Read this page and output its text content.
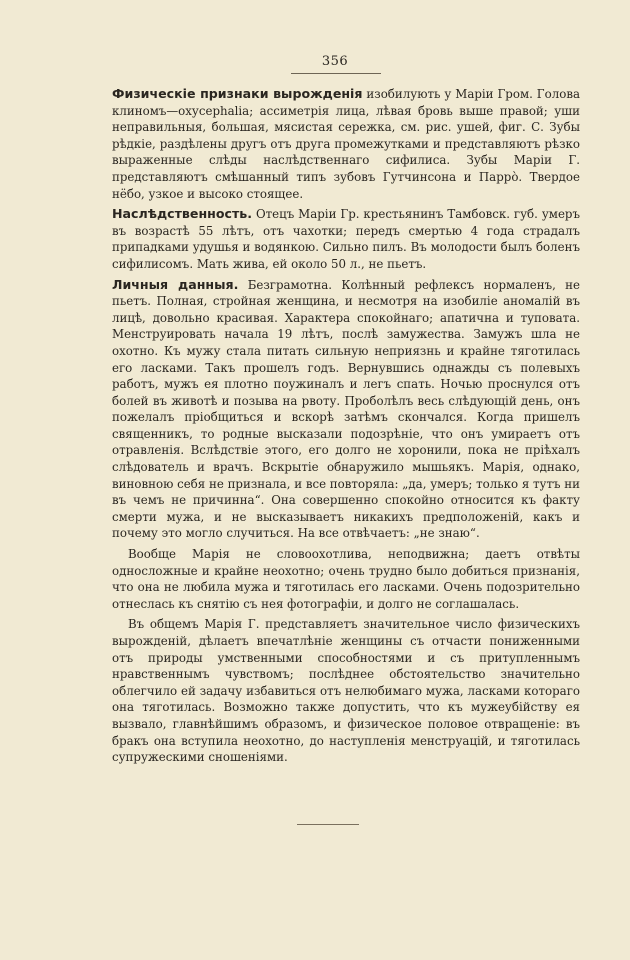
356

Физическіе признаки вырожденія изобилують у Маріи Гром. Голова клиномъ—охусерhаlіа; ассиметрія лица, лѣвая бровь выше правой; уши неправильныя, большая, мясистая сережка, см. рис. ушей, фиг. С. Зубы рѣдкіе, раздѣлены другъ отъ друга промежутками и представляютъ рѣзко выраженные слѣды наслѣдственнаго сифилиса. Зубы Маріи Г. представляютъ смѣшанный типъ зубовъ Гутчинсона и Парро̀. Твердое нёбо, узкое и высоко стоящее.

Наслѣдственность. Отецъ Маріи Гр. крестьянинъ Тамбовск. губ. умеръ въ возрастѣ 55 лѣтъ, отъ чахотки; передъ смертью 4 года страдалъ припадками удушья и водянкою. Сильно пилъ. Въ молодости былъ боленъ сифилисомъ. Мать жива, ей около 50 л., не пьетъ.

Личныя данныя. Безграмотна. Колѣнный рефлексъ нормаленъ, не пьетъ. Полная, стройная женщина, и несмотря на изобиліе аномалій въ лицѣ, довольно красивая. Характера спокойнаго; апатична и туповата. Менструировать начала 19 лѣтъ, послѣ замужества. Замужъ шла не охотно. Къ мужу стала питать сильную неприязнь и крайне тяготилась его ласками. Такъ прошелъ годъ. Вернувшись однажды съ полевыхъ работъ, мужъ ея плотно поужиналъ и легъ спать. Ночью проснулся отъ болей въ животѣ и позыва на рвоту. Проболѣлъ весь слѣдующій день, онъ пожелалъ пріобщиться и вскорѣ затѣмъ скончался. Когда пришелъ священникъ, то родные высказали подозрѣніе, что онъ умираетъ отъ отравленія. Вслѣдствіе этого, его долго не хоронили, пока не пріѣхалъ слѣдователь и врачъ. Вскрытіе обнаружило мышьякъ. Марія, однако, виновною себя не признала, и все повторяла: „да, умеръ; только я тутъ ни въ чемъ не причинна“. Она совершенно спокойно относится къ факту смерти мужа, и не высказываетъ никакихъ предположеній, какъ и почему это могло случиться. На все отвѣчаетъ: „не знаю“.

Вообще Марія не словоохотлива, неподвижна; даетъ отвѣты односложные и крайне неохотно; очень трудно было добиться признанія, что она не любила мужа и тяготилась его ласками. Очень подозрительно отнеслась къ снятію съ нея фотографіи, и долго не соглашалась.

Въ общемъ Марія Г. представляетъ значительное число физическихъ вырожденій, дѣлаетъ впечатлѣніе женщины съ отчасти пониженными отъ природы умственными способностями и съ притупленнымъ нравственнымъ чувствомъ; послѣднее обстоятельство значительно облегчило ей задачу избавиться отъ нелюбимаго мужа, ласками котораго она тяготилась. Возможно также допустить, что къ мужеубійству ея вызвало, главнѣйшимъ образомъ, и физическое половое отвращеніе: въ бракъ она вступила неохотно, до наступленія менструацій, и тяготилась супружескими сношеніями.
